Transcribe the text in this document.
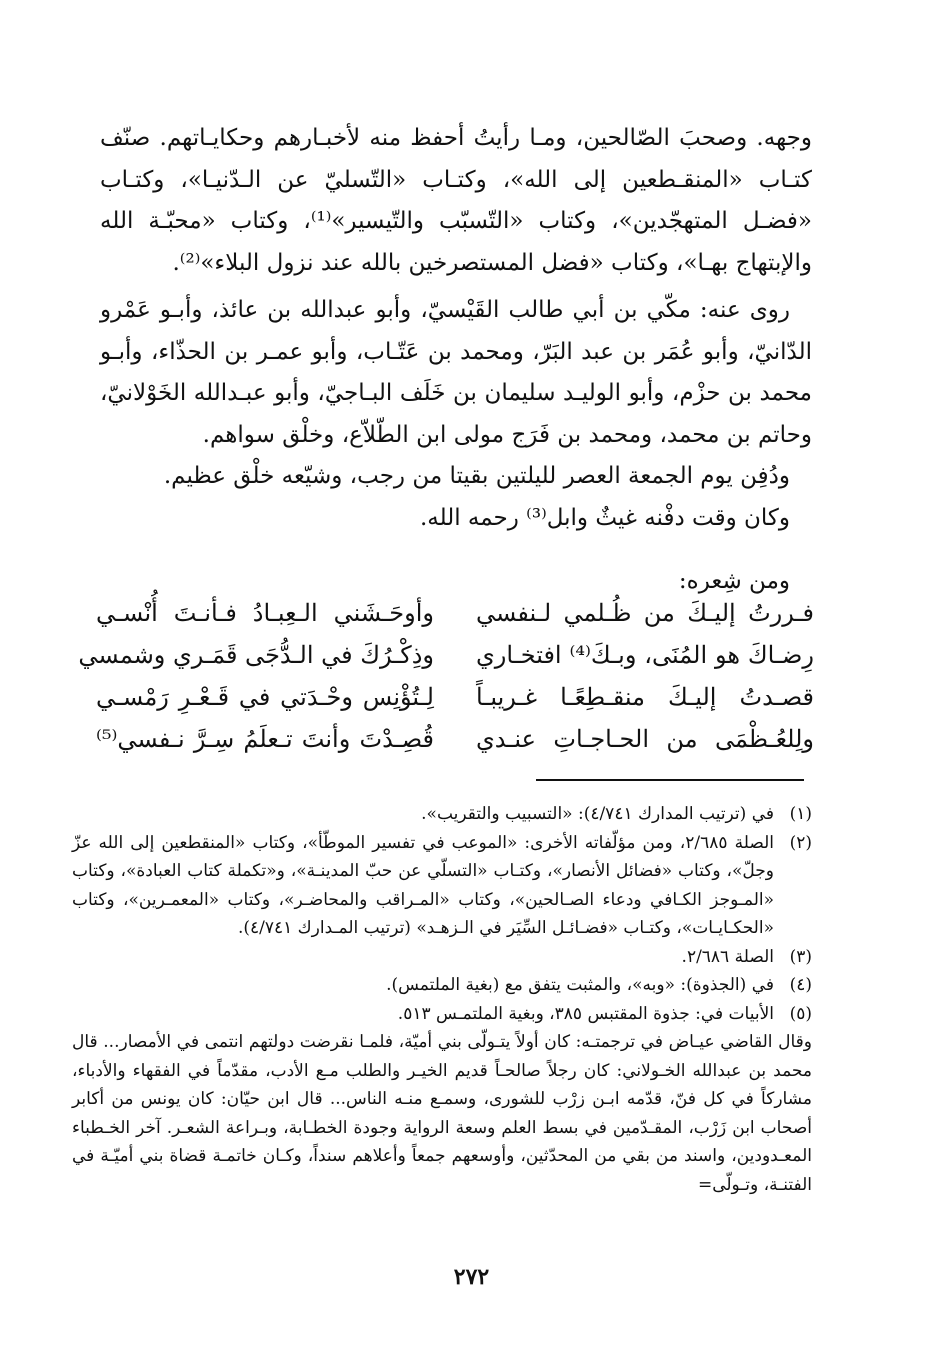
وجهه. وصحبَ الصّالحين، ومـا رأيتُ أحفظ منه لأخبـارهم وحكايـاتهم. صنّف كتـاب «المنقـطعين إلى الله»، وكتـاب «التّسليّ عن الـدّنيـا»، وكتـاب «فضـل المتهجّدين»، وكتاب «التّسبّب والتّيسير»⁽¹⁾، وكتاب «محبّـة الله والإبتهاج بهـا»، وكتاب «فضل المستصرخين بالله عند نزول البلاء»⁽²⁾.

روى عنه: مكّي بن أبي طالب القَيْسيّ، وأبو عبدالله بن عائذ، وأبـو عَمْرو الدّانيّ، وأبو عُمَر بن عبد البَرّ، ومحمد بن عَتّـاب، وأبو عمـر بن الحذّاء، وأبـو محمد بن حزْم، وأبو الوليـد سليمان بن خَلَف البـاجيّ، وأبو عبـدالله الخَوْلانيّ، وحاتم بن محمد، ومحمد بن فَرَج مولى ابن الطّلاّع، وخلْق سواهم.

ودُفِن يوم الجمعة العصر لليلتين بقيتا من رجب، وشيّعه خلْق عظيم.

وكان وقت دفْنه غيثٌ وابل⁽³⁾ رحمه الله.

ومن شِعره:

فـررتُ إليـكَ من ظُـلمي لـنفسي
وأوحَـشَني الـعِبـادُ فـأنـتَ أُنْسـي
رِضـاكَ هو المُنَى، وبـكَ⁽⁴⁾ افتخـاري
وذِكْـرُكَ في الـدُّجَى قَمَـري وشمسي
قصـدتُ إليـكَ منقـطِعًـا غـريبـاً
لِـتُؤْنِس وحْـدَتي في قَـعْـرِ رَمْسـي
ولِلعُـظْمَى من الحـاجـاتِ عنـدي
قُصِـدْتَ وأنتَ تـعلَمُ سِـرَّ نـفسي⁽⁵⁾
(١)
في (ترتيب المدارك ٤/٧٤١): «التسبيب والتقريب».
(٢)
الصلة ٢/٦٨٥، ومن مؤلّفاته الأخرى: «الموعب في تفسير الموطّأ»، وكتاب «المنقطعين إلى الله عزّ وجلّ»، وكتاب «فضائل الأنصار»، وكتـاب «التسلّي عن حبّ المدينـة»، و«تكملة كتاب العبادة»، وكتاب «المـوجز الكـافي ودعاء الصـالحين»، وكتاب «المـراقب والمحاضـر»، وكتاب «المعمـرين»، وكتاب «الحكـايـات»، وكتـاب «فضـائـل السِّيَر في الـزهـد» (ترتيب المـدارك ٤/٧٤١).
(٣)
الصلة ٢/٦٨٦.
(٤)
في (الجذوة): «وبه»، والمثبت يتفق مع (بغية الملتمس).
(٥)
الأبيات في: جذوة المقتبس ٣٨٥، وبغية الملتمـس ٥١٣.
وقال القاضي عيـاض في ترجمتـه: كان أولاً يتـولّى بني أميّة، فلمـا نقرضت دولتهم انتمى في الأمصار... قال محمد بن عبدالله الخـولاني: كان رجلاً صالحـاً قديم الخيـر والطلب مـع الأدب، مقدّماً في الفقهاء والأدباء، مشاركاً في كل فنّ، قدّمه ابـن زرْب للشورى، وسمـع منـه الناس... قال ابن حيّان: كان يونس من أكابر أصحاب ابن زَرْب، المقـدّمين في بسط العلم وسعة الرواية وجودة الخطـابة، وبـراعة الشعـر. آخر الخـطباء المعـدودين، واسند من بقي من المحدّثين، وأوسعهم جمعاً وأعلاهم سنداً، وكـان خاتمـة قضاة بني أميّـة في الفتنـة، وتـولّى=
٢٧٢
